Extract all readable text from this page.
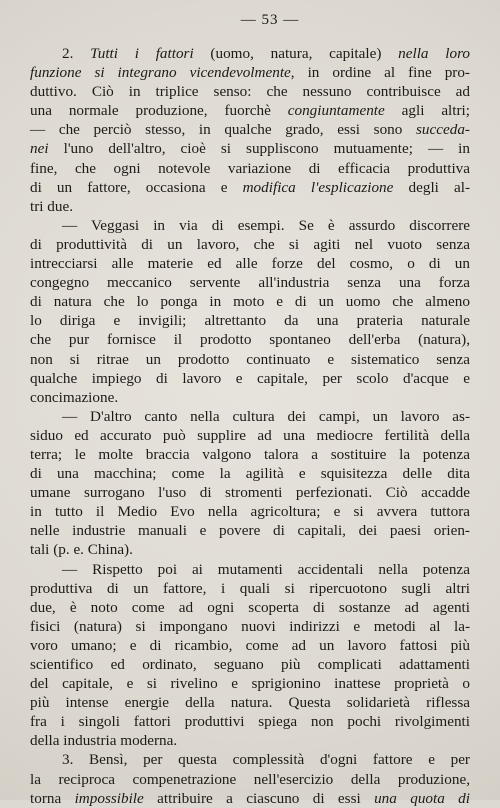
— 53 —
2. Tutti i fattori (uomo, natura, capitale) nella loro
funzione si integrano vicendevolmente, in ordine al fine pro-
duttivo. Ciò in triplice senso: che nessuno contribuisce ad
una normale produzione, fuorchè congiuntamente agli altri;
— che perciò stesso, in qualche grado, essi sono succeda-
nei l'uno dell'altro, cioè si suppliscono mutuamente; — in
fine, che ogni notevole variazione di efficacia produttiva
di un fattore, occasiona e modifica l'esplicazione degli al-
tri due.
— Veggasi in via di esempi. Se è assurdo discorrere
di produttività di un lavoro, che si agiti nel vuoto senza
intrecciarsi alle materie ed alle forze del cosmo, o di un
congegno meccanico servente all'industria senza una forza
di natura che lo ponga in moto e di un uomo che almeno
lo diriga e invigili; altrettanto da una prateria naturale
che pur fornisce il prodotto spontaneo dell'erba (natura),
non si ritrae un prodotto continuato e sistematico senza
qualche impiego di lavoro e capitale, per scolo d'acque e
concimazione.
— D'altro canto nella cultura dei campi, un lavoro as-
siduo ed accurato può supplire ad una mediocre fertilità della
terra; le molte braccia valgono talora a sostituire la potenza
di una macchina; come la agilità e squisitezza delle dita
umane surrogano l'uso di stromenti perfezionati. Ciò accadde
in tutto il Medio Evo nella agricoltura; e si avvera tuttora
nelle industrie manuali e povere di capitali, dei paesi orien-
tali (p. e. China).
— Rispetto poi ai mutamenti accidentali nella potenza
produttiva di un fattore, i quali si ripercuotono sugli altri
due, è noto come ad ogni scoperta di sostanze ad agenti
fisici (natura) si impongano nuovi indirizzi e metodi al la-
voro umano; e di ricambio, come ad un lavoro fattosi più
scientifico ed ordinato, seguano più complicati adattamenti
del capitale, e si rivelino e sprigionino inattese proprietà o
più intense energie della natura. Questa solidarietà riflessa
fra i singoli fattori produttivi spiega non pochi rivolgimenti
della industria moderna.
3. Bensì, per questa complessità d'ogni fattore e per
la reciproca compenetrazione nell'esercizio della produzione,
torna impossibile attribuire a ciascuno di essi una quota di
